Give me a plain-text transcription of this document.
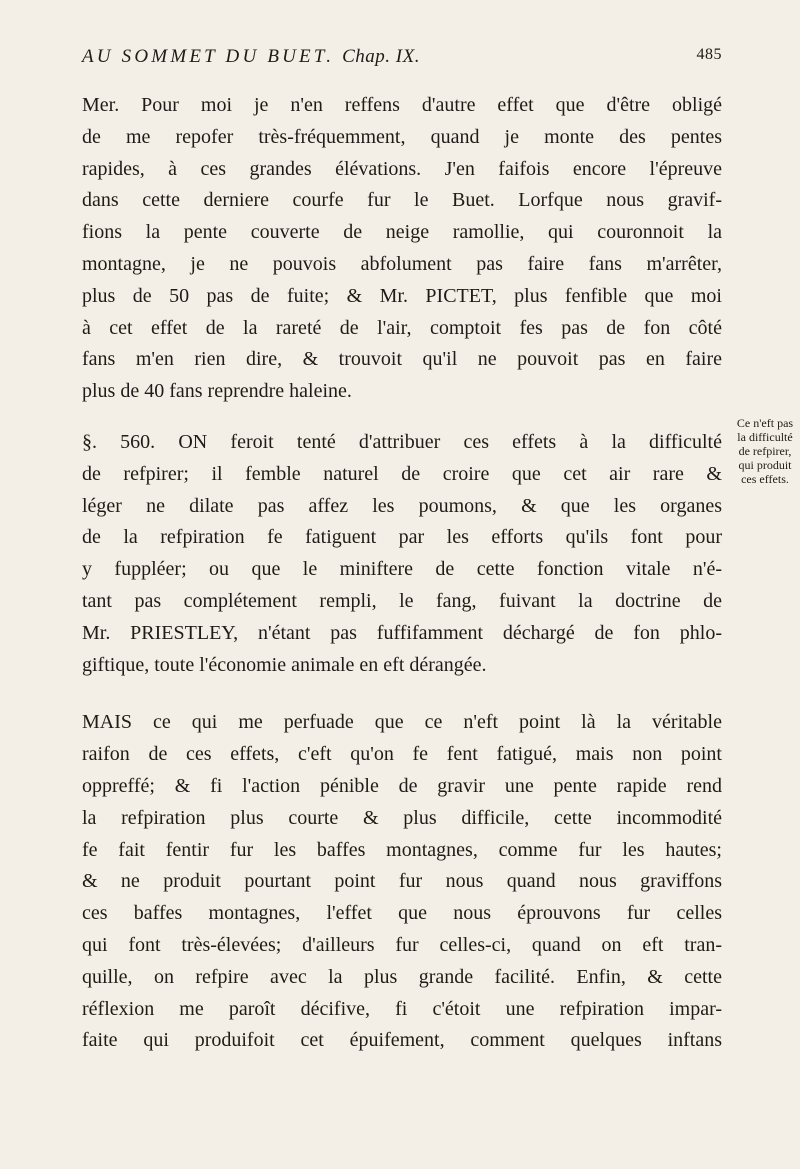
AU SOMMET DU BUET. Chap. IX.	485
Mer. Pour moi je n'en reffens d'autre effet que d'être obligé
de me repofer très-fréquemment, quand je monte des pentes
rapides, à ces grandes élévations. J'en faifois encore l'épreuve
dans cette derniere courfe fur le Buet. Lorfque nous gravif-
fions la pente couverte de neige ramollie, qui couronnoit la
montagne, je ne pouvois abfolument pas faire fans m'arrêter,
plus de 50 pas de fuite; & Mr. PICTET, plus fenfible que moi
à cet effet de la rareté de l'air, comptoit fes pas de fon côté
fans m'en rien dire, & trouvoit qu'il ne pouvoit pas en faire
plus de 40 fans reprendre haleine.
§. 560. ON feroit tenté d'attribuer ces effets à la difficulté
de refpirer; il femble naturel de croire que cet air rare &
léger ne dilate pas affez les poumons, & que les organes
de la refpiration fe fatiguent par les efforts qu'ils font pour
y fuppléer; ou que le miniftere de cette fonction vitale n'é-
tant pas complétement rempli, le fang, fuivant la doctrine de
Mr. PRIESTLEY, n'étant pas fuffifamment déchargé de fon phlo-
giftique, toute l'économie animale en eft dérangée.
MAIS ce qui me perfuade que ce n'eft point là la véritable
raifon de ces effets, c'eft qu'on fe fent fatigué, mais non point
oppreffé; & fi l'action pénible de gravir une pente rapide rend
la refpiration plus courte & plus difficile, cette incommodité
fe fait fentir fur les baffes montagnes, comme fur les hautes;
& ne produit pourtant point fur nous quand nous graviffons
ces baffes montagnes, l'effet que nous éprouvons fur celles
qui font très-élevées; d'ailleurs fur celles-ci, quand on eft tran-
quille, on refpire avec la plus grande facilité. Enfin, & cette
réflexion me paroît décifive, fi c'étoit une refpiration impar-
faite qui produifoit cet épuifement, comment quelques inftans
Ce n'eft pas
la difficulté
de refpirer,
qui produit
ces effets.
